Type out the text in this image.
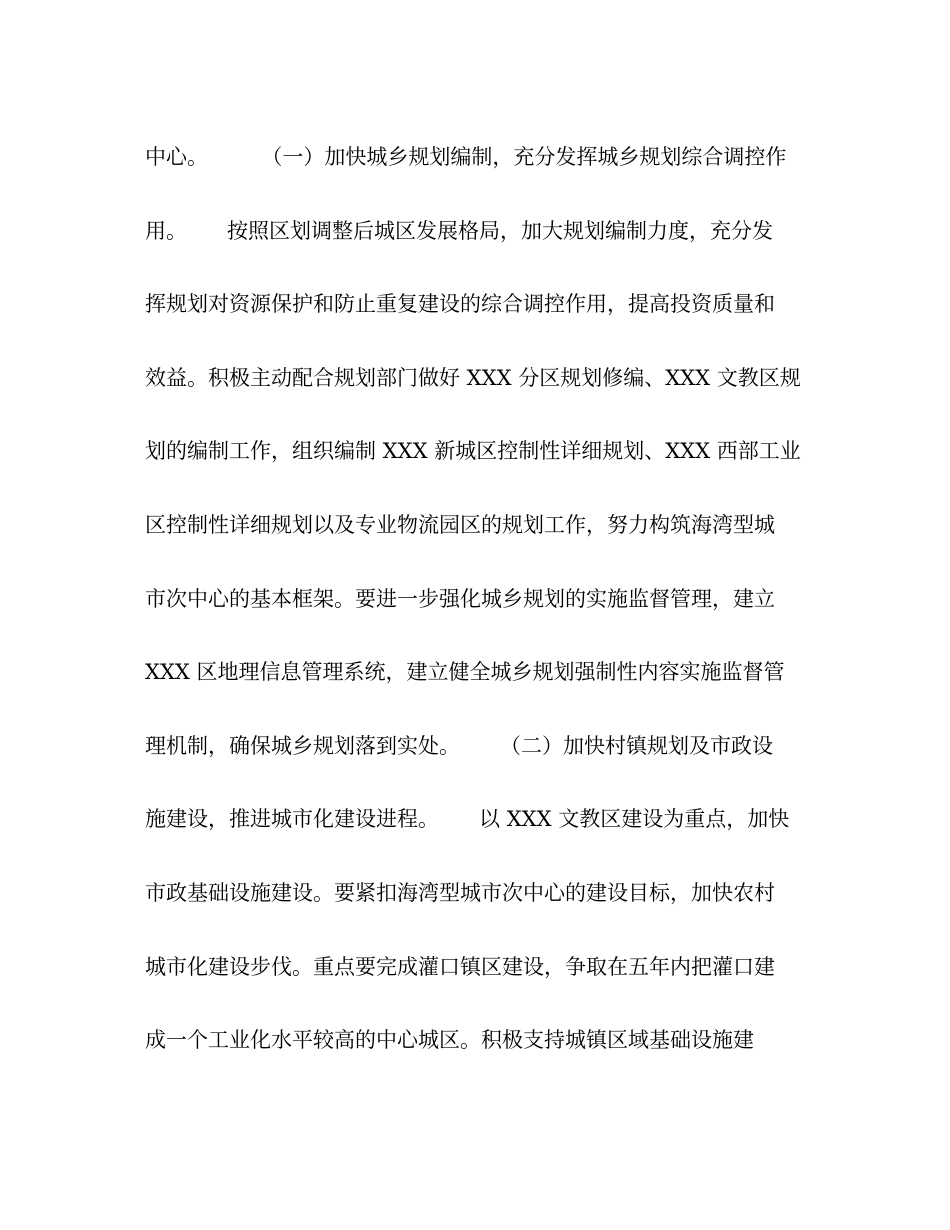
中心。        （一）加快城乡规划编制，充分发挥城乡规划综合调控作
用。      按照区划调整后城区发展格局，加大规划编制力度，充分发
挥规划对资源保护和防止重复建设的综合调控作用，提高投资质量和
效益。积极主动配合规划部门做好 XXX 分区规划修编、XXX 文教区规
划的编制工作，组织编制 XXX 新城区控制性详细规划、XXX 西部工业
区控制性详细规划以及专业物流园区的规划工作，努力构筑海湾型城
市次中心的基本框架。要进一步强化城乡规划的实施监督管理，建立
XXX 区地理信息管理系统，建立健全城乡规划强制性内容实施监督管
理机制，确保城乡规划落到实处。      （二）加快村镇规划及市政设
施建设，推进城市化建设进程。      以 XXX 文教区建设为重点，加快
市政基础设施建设。要紧扣海湾型城市次中心的建设目标，加快农村
城市化建设步伐。重点要完成灌口镇区建设，争取在五年内把灌口建
成一个工业化水平较高的中心城区。积极支持城镇区域基础设施建
